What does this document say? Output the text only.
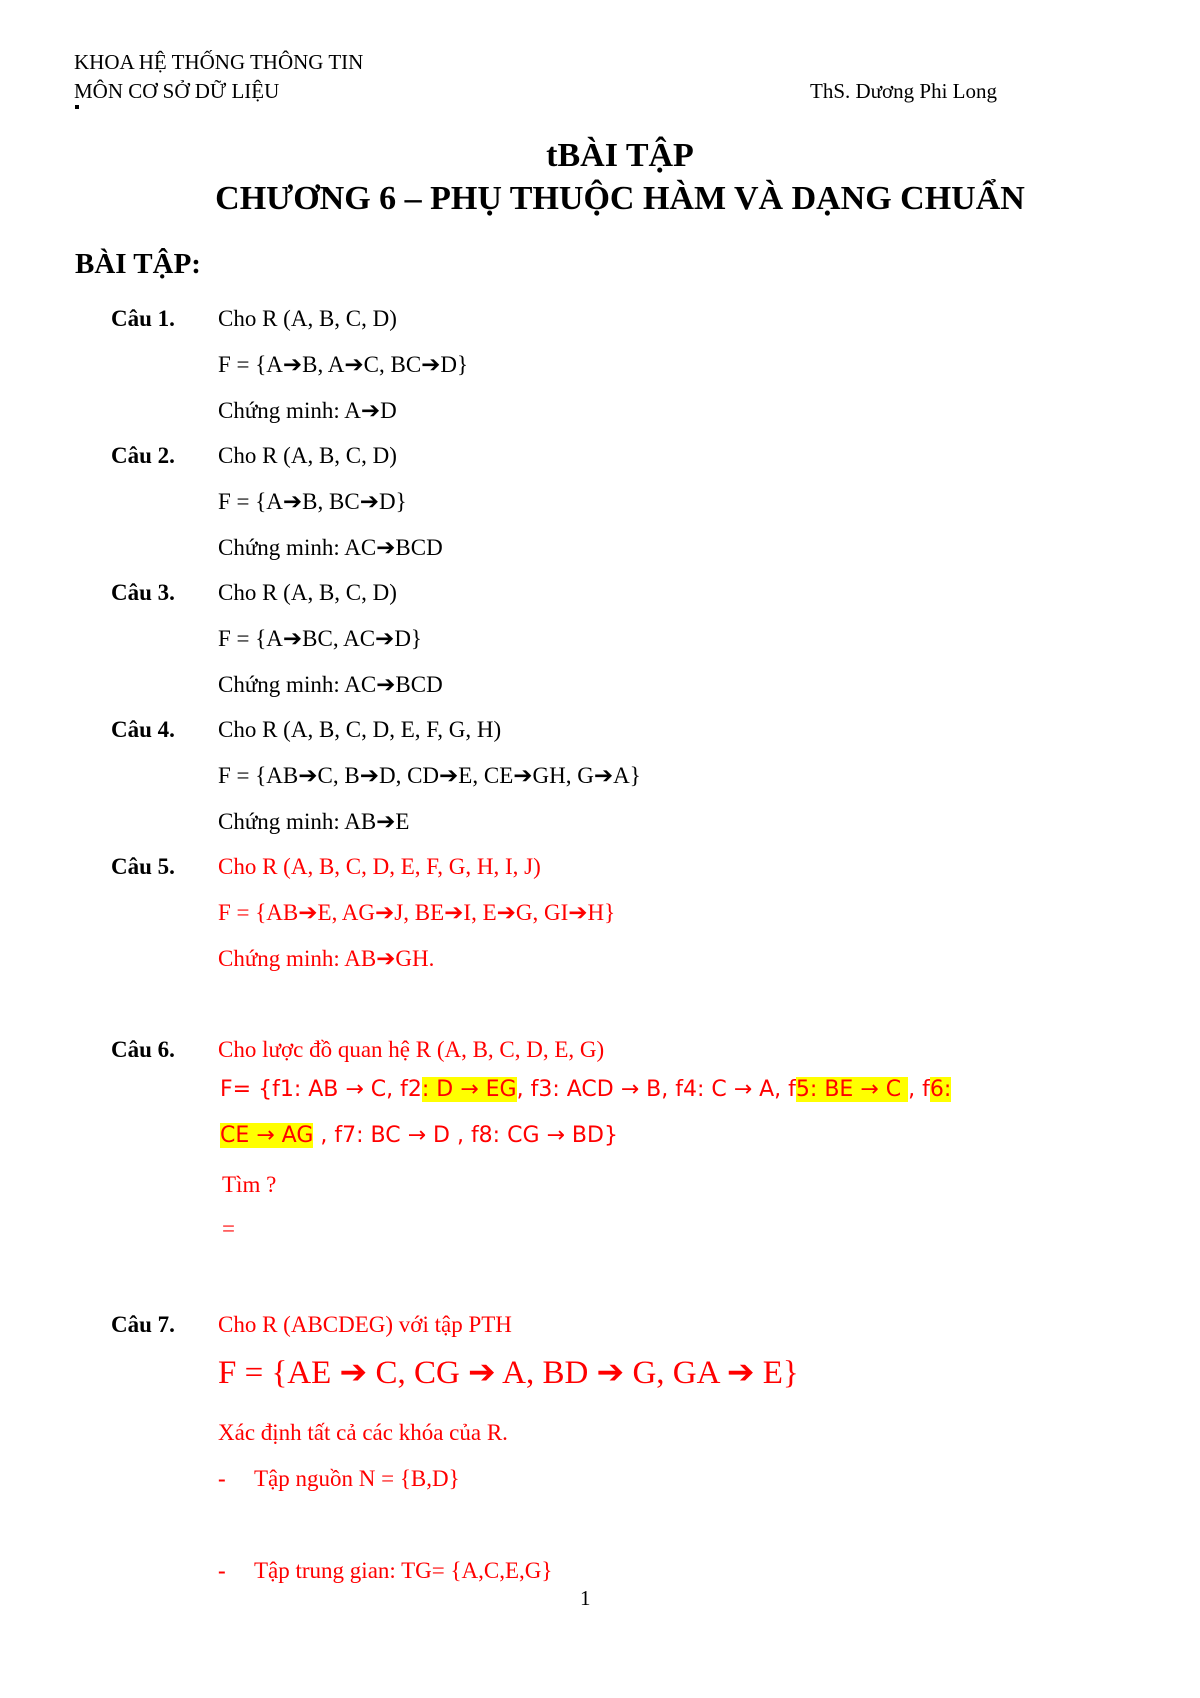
KHOA HỆ THỐNG THÔNG TIN
MÔN CƠ SỞ DỮ LIỆU	ThS. Dương Phi Long
tBÀI TẬP
CHƯƠNG 6 – PHỤ THUỘC HÀM VÀ DẠNG CHUẨN
BÀI TẬP:
Câu 1. Cho R (A, B, C, D)
F = {A➔B, A➔C, BC➔D}
Chứng minh: A➔D
Câu 2. Cho R (A, B, C, D)
F = {A➔B, BC➔D}
Chứng minh: AC➔BCD
Câu 3. Cho R (A, B, C, D)
F = {A➔BC, AC➔D}
Chứng minh: AC➔BCD
Câu 4. Cho R (A, B, C, D, E, F, G, H)
F = {AB➔C, B➔D, CD➔E, CE➔GH, G➔A}
Chứng minh: AB➔E
Câu 5. Cho R (A, B, C, D, E, F, G, H, I, J)
F = {AB➔E, AG➔J, BE➔I, E➔G, GI➔H}
Chứng minh: AB➔GH.
Câu 6. Cho lược đồ quan hệ R (A, B, C, D, E, G)
F= {f1: AB → C, f2: D → EG, f3: ACD → B, f4: C → A, f5: BE → C , f6:
CE → AG , f7: BC → D , f8: CG → BD}
Tìm ?
=
Câu 7. Cho R (ABCDEG) với tập PTH
F = {AE ➔ C, CG ➔ A, BD ➔ G, GA ➔ E}
Xác định tất cả các khóa của R.
- Tập nguồn N = {B,D}
- Tập trung gian: TG= {A,C,E,G}
1
